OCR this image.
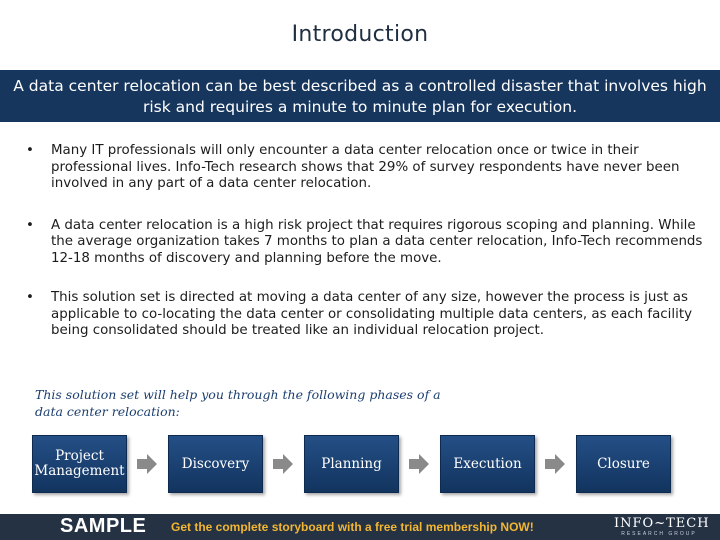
Introduction
A data center relocation can be best described as a controlled disaster that involves high risk and requires a minute to minute plan for execution.
• Many IT professionals will only encounter a data center relocation once or twice in their professional lives. Info-Tech research shows that 29% of survey respondents have never been involved in any part of a data center relocation.
• A data center relocation is a high risk project that requires rigorous scoping and planning. While the average organization takes 7 months to plan a data center relocation, Info-Tech recommends 12-18 months of discovery and planning before the move.
• This solution set is directed at moving a data center of any size, however the process is just as applicable to co-locating the data center or consolidating multiple data centers, as each facility being consolidated should be treated like an individual relocation project.
This solution set will help you through the following phases of a data center relocation:
Project Management	Discovery	Planning	Execution	Closure
SAMPLE Get the complete storyboard with a free trial membership NOW!	INFO~TECH
RESEARCH GROUP
